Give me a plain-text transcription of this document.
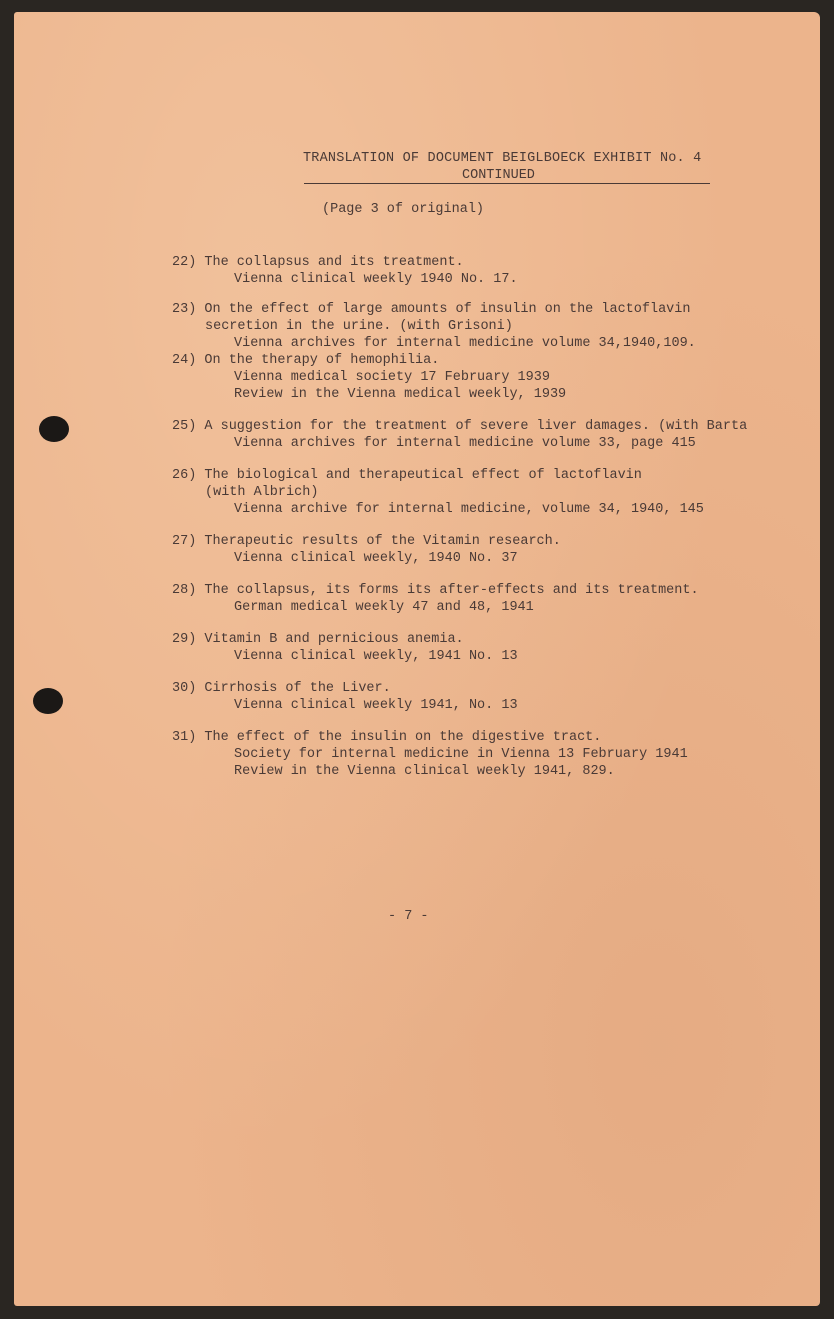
TRANSLATION OF DOCUMENT BEIGLBOECK EXHIBIT No. 4
CONTINUED
(Page 3 of original)
22) The collapsus and its treatment.
Vienna clinical weekly 1940 No. 17.
23) On the effect of large amounts of insulin on the lactoflavin
secretion in the urine. (with Grisoni)
Vienna archives for internal medicine volume 34,1940,109.
24) On the therapy of hemophilia.
Vienna medical society 17 February 1939
Review in the Vienna medical weekly, 1939
25) A suggestion for the treatment of severe liver damages. (with Barta
Vienna archives for internal medicine volume 33, page 415
26) The biological and therapeutical effect of lactoflavin
(with Albrich)
Vienna archive for internal medicine, volume 34, 1940, 145
27) Therapeutic results of the Vitamin research.
Vienna clinical weekly, 1940 No. 37
28) The collapsus, its forms its after-effects and its treatment.
German medical weekly 47 and 48, 1941
29) Vitamin B and pernicious anemia.
Vienna clinical weekly, 1941 No. 13
30) Cirrhosis of the Liver.
Vienna clinical weekly 1941, No. 13
31) The effect of the insulin on the digestive tract.
Society for internal medicine in Vienna 13 February 1941
Review in the Vienna clinical weekly 1941, 829.
- 7 -
